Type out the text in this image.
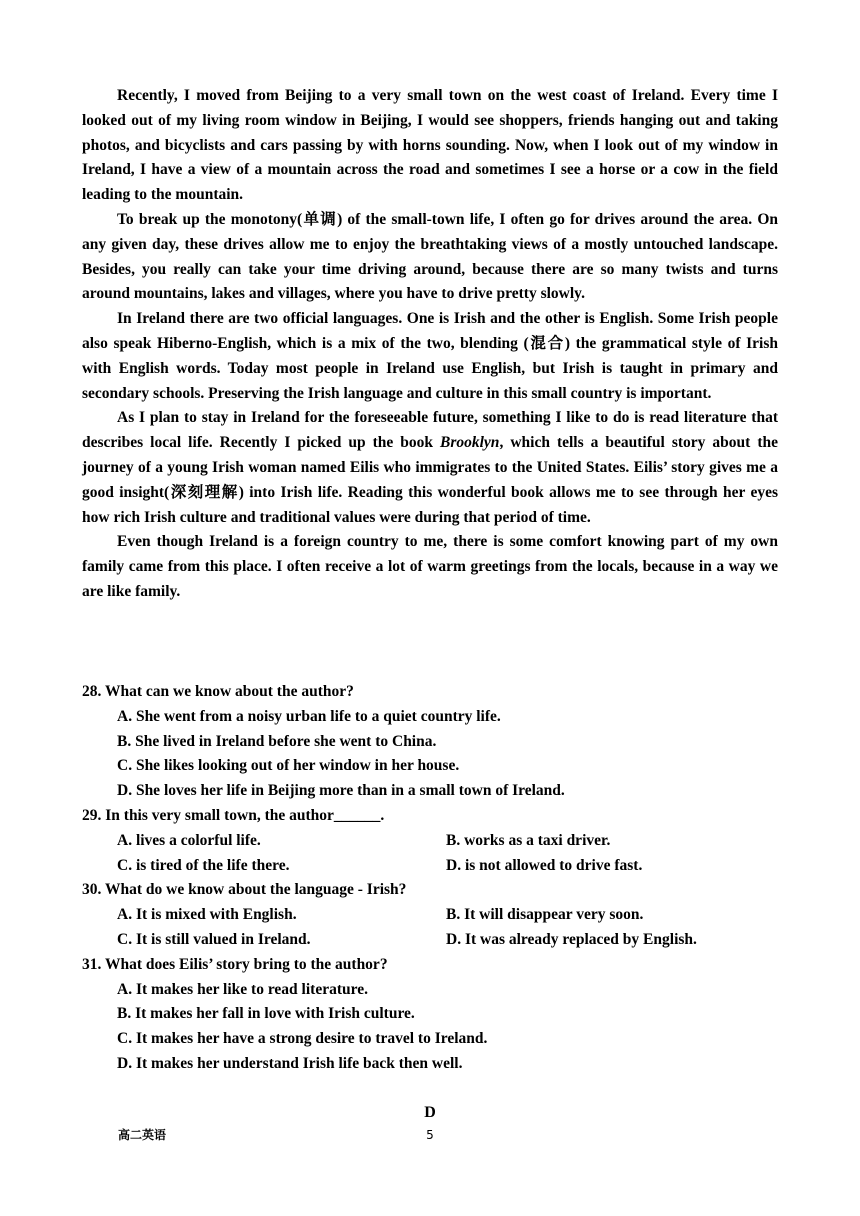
Recently, I moved from Beijing to a very small town on the west coast of Ireland. Every time I looked out of my living room window in Beijing, I would see shoppers, friends hanging out and taking photos, and bicyclists and cars passing by with horns sounding. Now, when I look out of my window in Ireland, I have a view of a mountain across the road and sometimes I see a horse or a cow in the field leading to the mountain.

To break up the monotony(单调) of the small-town life, I often go for drives around the area. On any given day, these drives allow me to enjoy the breathtaking views of a mostly untouched landscape. Besides, you really can take your time driving around, because there are so many twists and turns around mountains, lakes and villages, where you have to drive pretty slowly.

In Ireland there are two official languages. One is Irish and the other is English. Some Irish people also speak Hiberno-English, which is a mix of the two, blending (混合) the grammatical style of Irish with English words. Today most people in Ireland use English, but Irish is taught in primary and secondary schools. Preserving the Irish language and culture in this small country is important.

As I plan to stay in Ireland for the foreseeable future, something I like to do is read literature that describes local life. Recently I picked up the book Brooklyn, which tells a beautiful story about the journey of a young Irish woman named Eilis who immigrates to the United States. Eilis’ story gives me a good insight(深刻理解) into Irish life. Reading this wonderful book allows me to see through her eyes how rich Irish culture and traditional values were during that period of time.

Even though Ireland is a foreign country to me, there is some comfort knowing part of my own family came from this place. I often receive a lot of warm greetings from the locals, because in a way we are like family.

28. What can we know about the author?

A. She went from a noisy urban life to a quiet country life.

B. She lived in Ireland before she went to China.

C. She likes looking out of her window in her house.

D. She loves her life in Beijing more than in a small town of Ireland.

29. In this very small town, the author______.

A. lives a colorful life.	B. works as a taxi driver.
C. is tired of the life there.	D. is not allowed to drive fast.

30. What do we know about the language - Irish?

A. It is mixed with English.	B. It will disappear very soon.
C. It is still valued in Ireland.	D. It was already replaced by English.

31. What does Eilis’ story bring to the author?

A. It makes her like to read literature.

B. It makes her fall in love with Irish culture.

C. It makes her have a strong desire to travel to Ireland.

D. It makes her understand Irish life back then well.

D
高二英语	5
